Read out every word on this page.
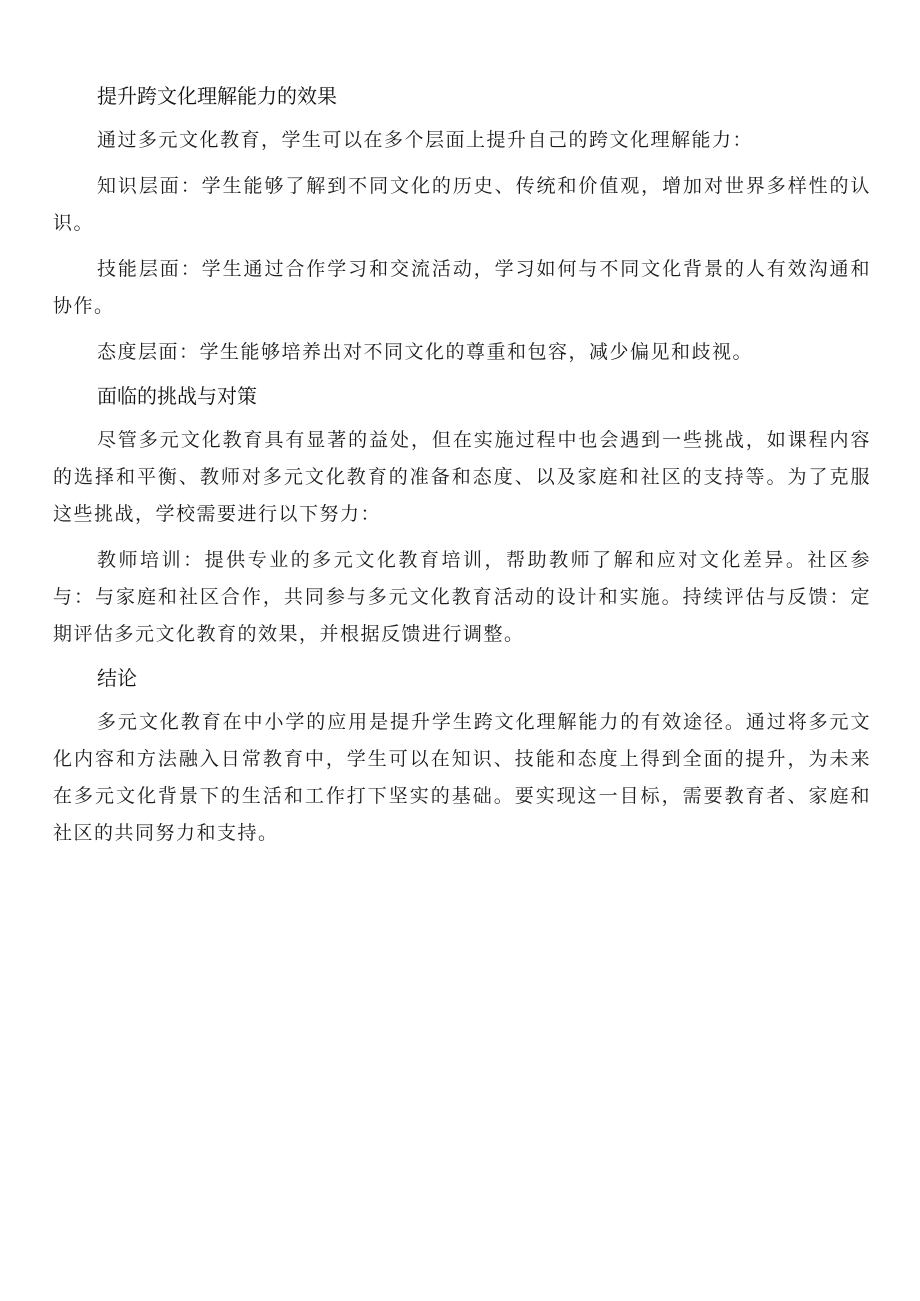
提升跨文化理解能力的效果

通过多元文化教育，学生可以在多个层面上提升自己的跨文化理解能力：

知识层面：学生能够了解到不同文化的历史、传统和价值观，增加对世界多样性的认识。

技能层面：学生通过合作学习和交流活动，学习如何与不同文化背景的人有效沟通和协作。

态度层面：学生能够培养出对不同文化的尊重和包容，减少偏见和歧视。

面临的挑战与对策

尽管多元文化教育具有显著的益处，但在实施过程中也会遇到一些挑战，如课程内容的选择和平衡、教师对多元文化教育的准备和态度、以及家庭和社区的支持等。为了克服这些挑战，学校需要进行以下努力：

教师培训：提供专业的多元文化教育培训，帮助教师了解和应对文化差异。社区参与：与家庭和社区合作，共同参与多元文化教育活动的设计和实施。持续评估与反馈：定期评估多元文化教育的效果，并根据反馈进行调整。

结论

多元文化教育在中小学的应用是提升学生跨文化理解能力的有效途径。通过将多元文化内容和方法融入日常教育中，学生可以在知识、技能和态度上得到全面的提升，为未来在多元文化背景下的生活和工作打下坚实的基础。要实现这一目标，需要教育者、家庭和社区的共同努力和支持。
